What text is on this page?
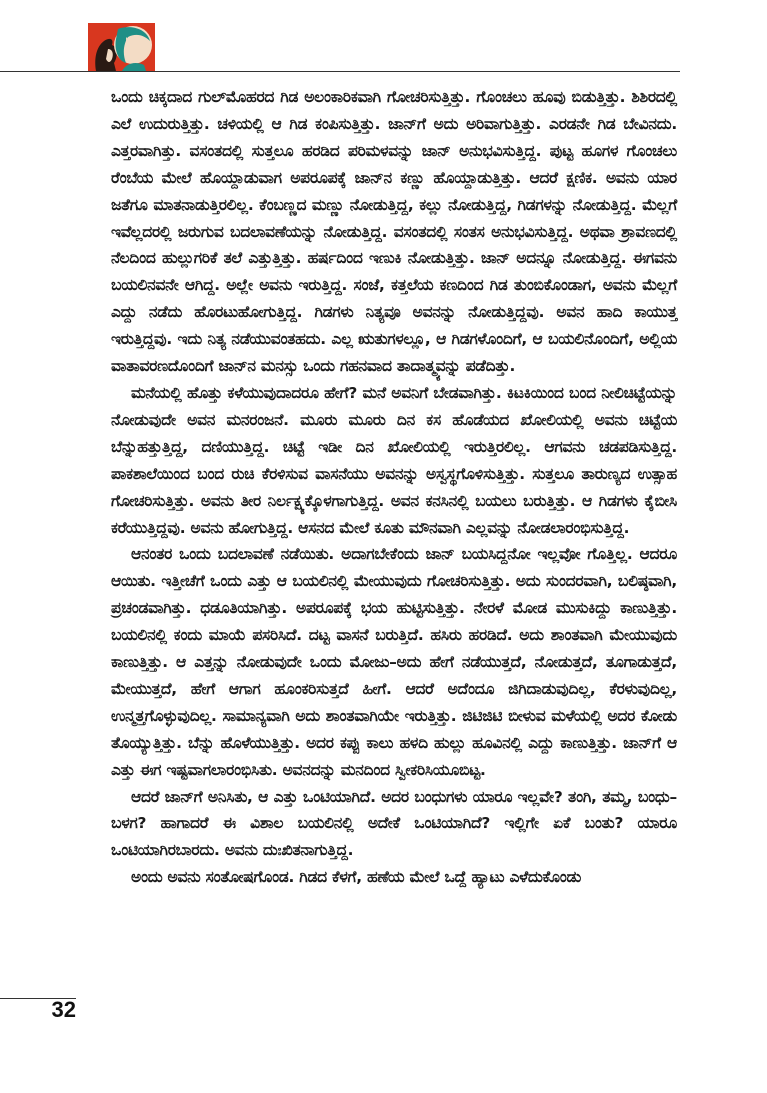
ಒಂದು ಚಿಕ್ಕದಾದ ಗುಲ್‌ಮೊಹರದ ಗಿಡ ಅಲಂಕಾರಿಕವಾಗಿ ಗೋಚರಿಸುತ್ತಿತ್ತು. ಗೊಂಚಲು ಹೂವು ಬಿಡುತ್ತಿತ್ತು. ಶಿಶಿರದಲ್ಲಿ ಎಲೆ ಉದುರುತ್ತಿತ್ತು. ಚಳಿಯಲ್ಲಿ ಆ ಗಿಡ ಕಂಪಿಸುತ್ತಿತ್ತು. ಜಾನ್‌ಗೆ ಅದು ಅರಿವಾಗುತ್ತಿತ್ತು. ಎರಡನೇ ಗಿಡ ಬೇವಿನದು. ಎತ್ತರವಾಗಿತ್ತು. ವಸಂತದಲ್ಲಿ ಸುತ್ತಲೂ ಹರಡಿದ ಪರಿಮಳವನ್ನು ಜಾನ್ ಅನುಭವಿಸುತ್ತಿದ್ದ. ಪುಟ್ಟ ಹೂಗಳ ಗೊಂಚಲು ರೆಂಬೆಯ ಮೇಲೆ ಹೊಯ್ದಾಡುವಾಗ ಅಪರೂಪಕ್ಕೆ ಜಾನ್‌ನ ಕಣ್ಣು ಹೊಯ್ದಾಡುತ್ತಿತ್ತು. ಆದರೆ ಕ್ಷಣಿಕ. ಅವನು ಯಾರ ಜತೆಗೂ ಮಾತನಾಡುತ್ತಿರಲಿಲ್ಲ. ಕೆಂಬಣ್ಣದ ಮಣ್ಣು ನೋಡುತ್ತಿದ್ದ, ಕಲ್ಲು ನೋಡುತ್ತಿದ್ದ, ಗಿಡಗಳನ್ನು ನೋಡುತ್ತಿದ್ದ. ಮೆಲ್ಲಗೆ ಇವೆಲ್ಲದರಲ್ಲಿ ಜರುಗುವ ಬದಲಾವಣೆಯನ್ನು ನೋಡುತ್ತಿದ್ದ. ವಸಂತದಲ್ಲಿ ಸಂತಸ ಅನುಭವಿಸುತ್ತಿದ್ದ. ಅಥವಾ ಶ್ರಾವಣದಲ್ಲಿ ನೆಲದಿಂದ ಹುಲ್ಲುಗರಿಕೆ ತಲೆ ಎತ್ತುತ್ತಿತ್ತು. ಹರ್ಷದಿಂದ ಇಣುಕಿ ನೋಡುತ್ತಿತ್ತು. ಜಾನ್ ಅದನ್ನೂ ನೋಡುತ್ತಿದ್ದ. ಈಗವನು ಬಯಲಿನವನೇ ಆಗಿದ್ದ. ಅಲ್ಲೇ ಅವನು ಇರುತ್ತಿದ್ದ. ಸಂಜೆ, ಕತ್ತಲೆಯ ಕಣದಿಂದ ಗಿಡ ತುಂಬಿಕೊಂಡಾಗ, ಅವನು ಮೆಲ್ಲಗೆ ಎದ್ದು ನಡೆದು ಹೊರಟುಹೋಗುತ್ತಿದ್ದ. ಗಿಡಗಳು ನಿತ್ಯವೂ ಅವನನ್ನು ನೋಡುತ್ತಿದ್ದವು. ಅವನ ಹಾದಿ ಕಾಯುತ್ತ ಇರುತ್ತಿದ್ದವು. ಇದು ನಿತ್ಯ ನಡೆಯುವಂತಹದು. ಎಲ್ಲ ಋತುಗಳಲ್ಲೂ, ಆ ಗಿಡಗಳೊಂದಿಗೆ, ಆ ಬಯಲಿನೊಂದಿಗೆ, ಅಲ್ಲಿಯ ವಾತಾವರಣದೊಂದಿಗೆ ಜಾನ್‌ನ ಮನಸ್ಸು ಒಂದು ಗಹನವಾದ ತಾದಾತ್ಮ್ಯವನ್ನು ಪಡೆದಿತ್ತು.

ಮನೆಯಲ್ಲಿ ಹೊತ್ತು ಕಳೆಯುವುದಾದರೂ ಹೇಗೆ? ಮನೆ ಅವನಿಗೆ ಬೇಡವಾಗಿತ್ತು. ಕಿಟಕಿಯಿಂದ ಬಂದ ನೀಲಿಚಿಟ್ಟೆಯನ್ನು ನೋಡುವುದೇ ಅವನ ಮನರಂಜನೆ. ಮೂರು ಮೂರು ದಿನ ಕಸ ಹೊಡೆಯದ ಖೋಲಿಯಲ್ಲಿ ಅವನು ಚಿಟ್ಟೆಯ ಬೆನ್ನುಹತ್ತುತ್ತಿದ್ದ, ದಣಿಯುತ್ತಿದ್ದ. ಚಿಟ್ಟೆ ಇಡೀ ದಿನ ಖೋಲಿಯಲ್ಲಿ ಇರುತ್ತಿರಲಿಲ್ಲ. ಆಗವನು ಚಡಪಡಿಸುತ್ತಿದ್ದ. ಪಾಕಶಾಲೆಯಿಂದ ಬಂದ ರುಚಿ ಕೆರಳಿಸುವ ವಾಸನೆಯು ಅವನನ್ನು ಅಸ್ವಸ್ಥಗೊಳಿಸುತ್ತಿತ್ತು. ಸುತ್ತಲೂ ತಾರುಣ್ಯದ ಉತ್ಸಾಹ ಗೋಚರಿಸುತ್ತಿತ್ತು. ಅವನು ತೀರ ನಿರ್ಲಕ್ಷ್ಯಕ್ಕೊಳಗಾಗುತ್ತಿದ್ದ. ಅವನ ಕನಸಿನಲ್ಲಿ ಬಯಲು ಬರುತ್ತಿತ್ತು. ಆ ಗಿಡಗಳು ಕೈಬೀಸಿ ಕರೆಯುತ್ತಿದ್ದವು. ಅವನು ಹೋಗುತ್ತಿದ್ದ. ಆಸನದ ಮೇಲೆ ಕೂತು ಮೌನವಾಗಿ ಎಲ್ಲವನ್ನು ನೋಡಲಾರಂಭಿಸುತ್ತಿದ್ದ.

ಆನಂತರ ಒಂದು ಬದಲಾವಣೆ ನಡೆಯಿತು. ಅದಾಗಬೇಕೆಂದು ಜಾನ್ ಬಯಸಿದ್ದನೋ ಇಲ್ಲವೋ ಗೊತ್ತಿಲ್ಲ. ಆದರೂ ಆಯಿತು. ಇತ್ತೀಚೆಗೆ ಒಂದು ಎತ್ತು ಆ ಬಯಲಿನಲ್ಲಿ ಮೇಯುವುದು ಗೋಚರಿಸುತ್ತಿತ್ತು. ಅದು ಸುಂದರವಾಗಿ, ಬಲಿಷ್ಠವಾಗಿ, ಪ್ರಚಂಡವಾಗಿತ್ತು. ಧಡೂತಿಯಾಗಿತ್ತು. ಅಪರೂಪಕ್ಕೆ ಭಯ ಹುಟ್ಟಿಸುತ್ತಿತ್ತು. ನೇರಳೆ ಮೋಡ ಮುಸುಕಿದ್ದು ಕಾಣುತ್ತಿತ್ತು. ಬಯಲಿನಲ್ಲಿ ಕಂದು ಮಾಯೆ ಪಸರಿಸಿದೆ. ದಟ್ಟ ವಾಸನೆ ಬರುತ್ತಿದೆ. ಹಸಿರು ಹರಡಿದೆ. ಅದು ಶಾಂತವಾಗಿ ಮೇಯುವುದು ಕಾಣುತ್ತಿತ್ತು. ಆ ಎತ್ತನ್ನು ನೋಡುವುದೇ ಒಂದು ಮೋಜು–ಅದು ಹೇಗೆ ನಡೆಯುತ್ತದೆ, ನೋಡುತ್ತದೆ, ತೂಗಾಡುತ್ತದೆ, ಮೇಯುತ್ತದೆ, ಹೇಗೆ ಆಗಾಗ ಹೂಂಕರಿಸುತ್ತದೆ ಹೀಗೆ. ಆದರೆ ಅದೆಂದೂ ಜಿಗಿದಾಡುವುದಿಲ್ಲ, ಕೆರಳುವುದಿಲ್ಲ, ಉನ್ಮತ್ತಗೊಳ್ಳುವುದಿಲ್ಲ. ಸಾಮಾನ್ಯವಾಗಿ ಅದು ಶಾಂತವಾಗಿಯೇ ಇರುತ್ತಿತ್ತು. ಜಿಟಿಜಿಟಿ ಬೀಳುವ ಮಳೆಯಲ್ಲಿ ಅದರ ಕೋಡು ತೊಯ್ಯುತ್ತಿತ್ತು. ಬೆನ್ನು ಹೊಳೆಯುತ್ತಿತ್ತು. ಅದರ ಕಪ್ಪು ಕಾಲು ಹಳದಿ ಹುಲ್ಲು ಹೂವಿನಲ್ಲಿ ಎದ್ದು ಕಾಣುತ್ತಿತ್ತು. ಜಾನ್‌ಗೆ ಆ ಎತ್ತು ಈಗ ಇಷ್ಟವಾಗಲಾರಂಭಿಸಿತು. ಅವನದನ್ನು ಮನದಿಂದ ಸ್ವೀಕರಿಸಿಯೂಬಿಟ್ಟ.

ಆದರೆ ಜಾನ್‌ಗೆ ಅನಿಸಿತು, ಆ ಎತ್ತು ಒಂಟಿಯಾಗಿದೆ. ಅದರ ಬಂಧುಗಳು ಯಾರೂ ಇಲ್ಲವೇ? ತಂಗಿ, ತಮ್ಮ, ಬಂಧು–ಬಳಗ? ಹಾಗಾದರೆ ಈ ವಿಶಾಲ ಬಯಲಿನಲ್ಲಿ ಅದೇಕೆ ಒಂಟಿಯಾಗಿದೆ? ಇಲ್ಲಿಗೇ ಏಕೆ ಬಂತು? ಯಾರೂ ಒಂಟಿಯಾಗಿರಬಾರದು. ಅವನು ದುಃಖಿತನಾಗುತ್ತಿದ್ದ.

ಅಂದು ಅವನು ಸಂತೋಷಗೊಂಡ. ಗಿಡದ ಕೆಳಗೆ, ಹಣೆಯ ಮೇಲೆ ಒದ್ದೆ ಹ್ಯಾಟು ಎಳೆದುಕೊಂಡು

32
